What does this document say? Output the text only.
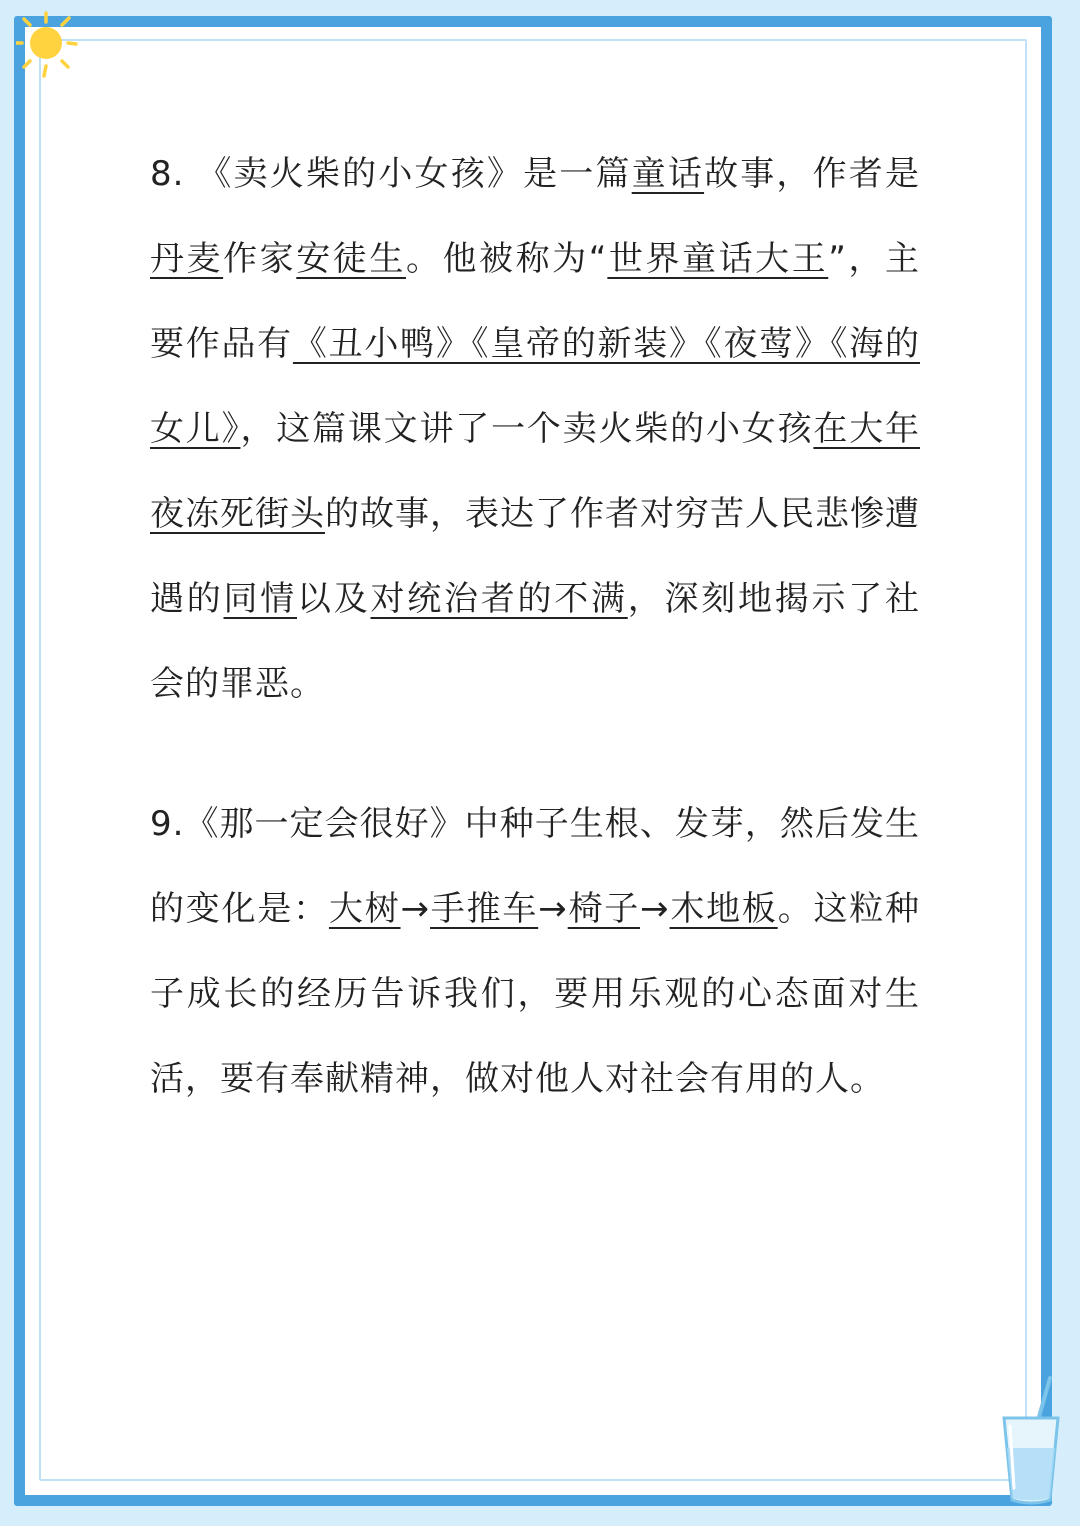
8. 《卖火柴的小女孩》是一篇童话故事，作者是丹麦作家安徒生。他被称为“世界童话大王”，主要作品有《丑小鸭》《皇帝的新装》《夜莺》《海的女儿》，这篇课文讲了一个卖火柴的小女孩在大年夜冻死街头的故事，表达了作者对穷苦人民悲惨遭遇的同情以及对统治者的不满，深刻地揭示了社 会的罪恶。

9.《那一定会很好》中种子生根、发芽，然后发生的变化是：大树→手推车→椅子→木地板。这粒种子成长的经历告诉我们，要用乐观的心态面对生活，要有奉献精神，做对他人对社会有用的人。
